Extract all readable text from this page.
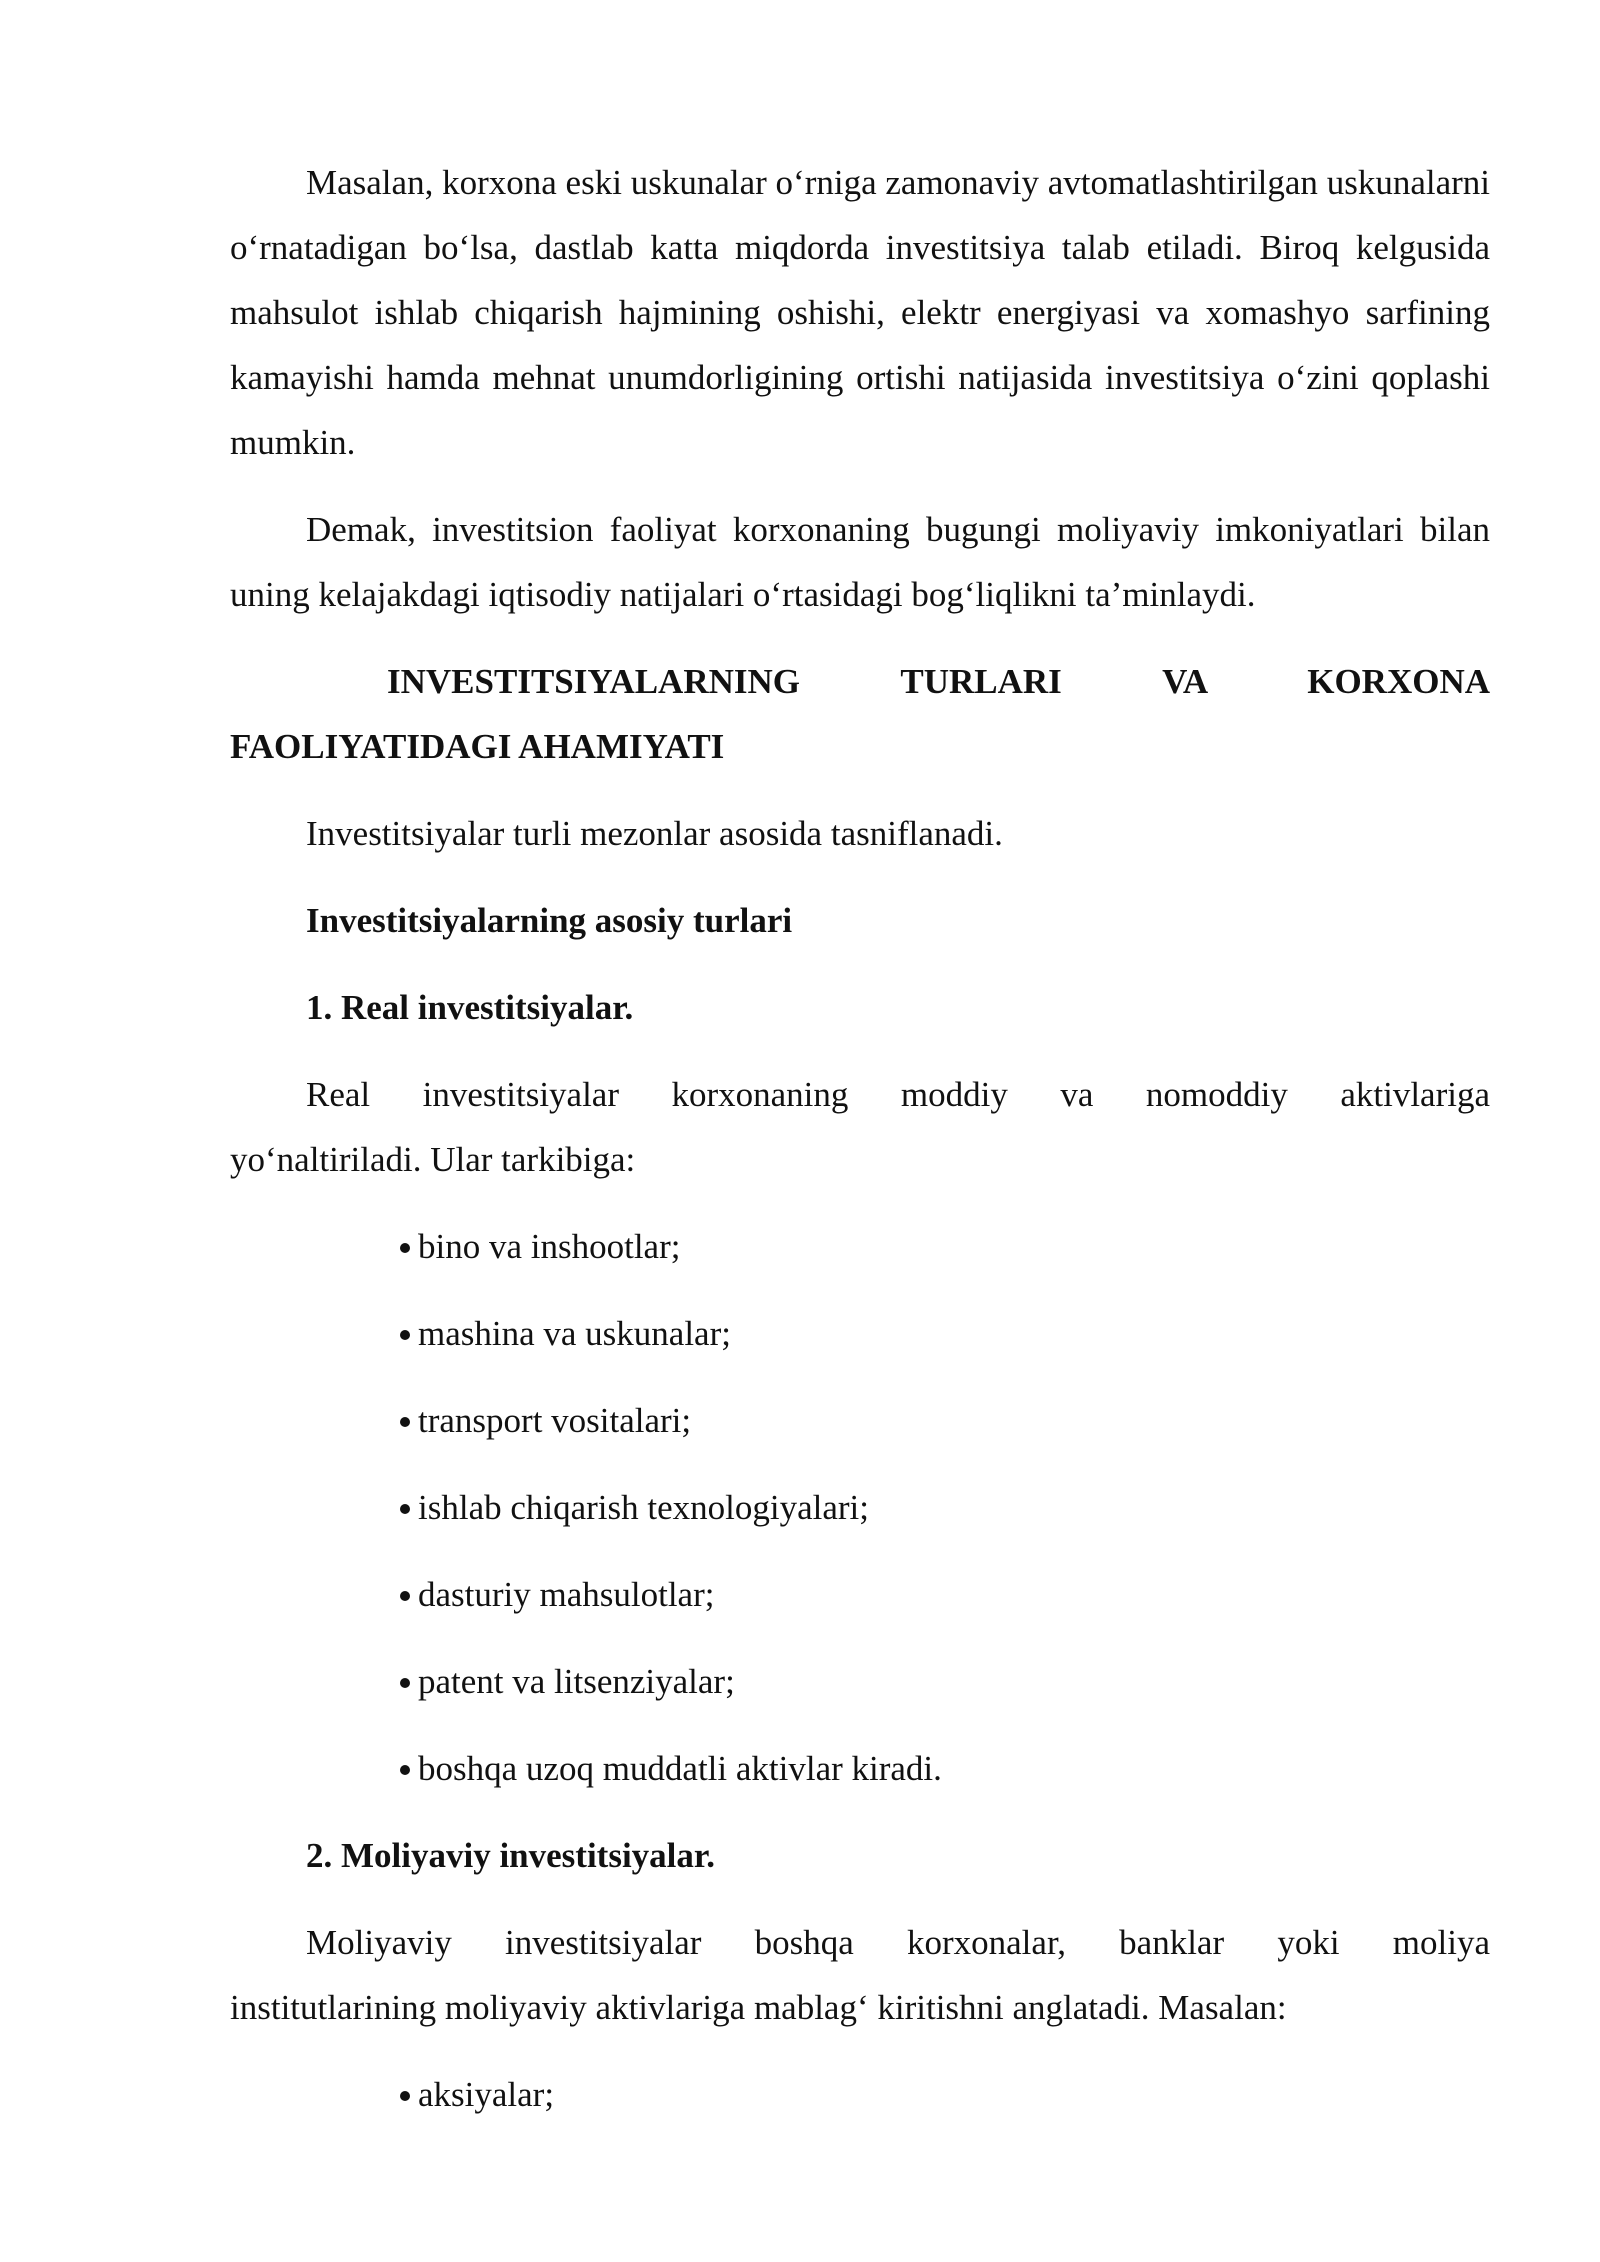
Masalan, korxona eski uskunalar o‘rniga zamonaviy avtomatlashtirilgan uskunalarni o‘rnatadigan bo‘lsa, dastlab katta miqdorda investitsiya talab etiladi. Biroq kelgusida mahsulot ishlab chiqarish hajmining oshishi, elektr energiyasi va xomashyo sarfining kamayishi hamda mehnat unumdorligining ortishi natijasida investitsiya o‘zini qoplashi mumkin.

Demak, investitsion faoliyat korxonaning bugungi moliyaviy imkoniyatlari bilan uning kelajakdagi iqtisodiy natijalari o‘rtasidagi bog‘liqlikni ta’minlaydi.

INVESTITSIYALARNING TURLARI VA KORXONA
FAOLIYATIDAGI AHAMIYATI

Investitsiyalar turli mezonlar asosida tasniflanadi.

Investitsiyalarning asosiy turlari

1. Real investitsiyalar.

Real investitsiyalar korxonaning moddiy va nomoddiy aktivlariga
yo‘naltiriladi. Ular tarkibiga:

bino va inshootlar;
mashina va uskunalar;
transport vositalari;
ishlab chiqarish texnologiyalari;
dasturiy mahsulotlar;
patent va litsenziyalar;
boshqa uzoq muddatli aktivlar kiradi.

2. Moliyaviy investitsiyalar.

Moliyaviy investitsiyalar boshqa korxonalar, banklar yoki moliya
institutlarining moliyaviy aktivlariga mablag‘ kiritishni anglatadi. Masalan:

aksiyalar;
